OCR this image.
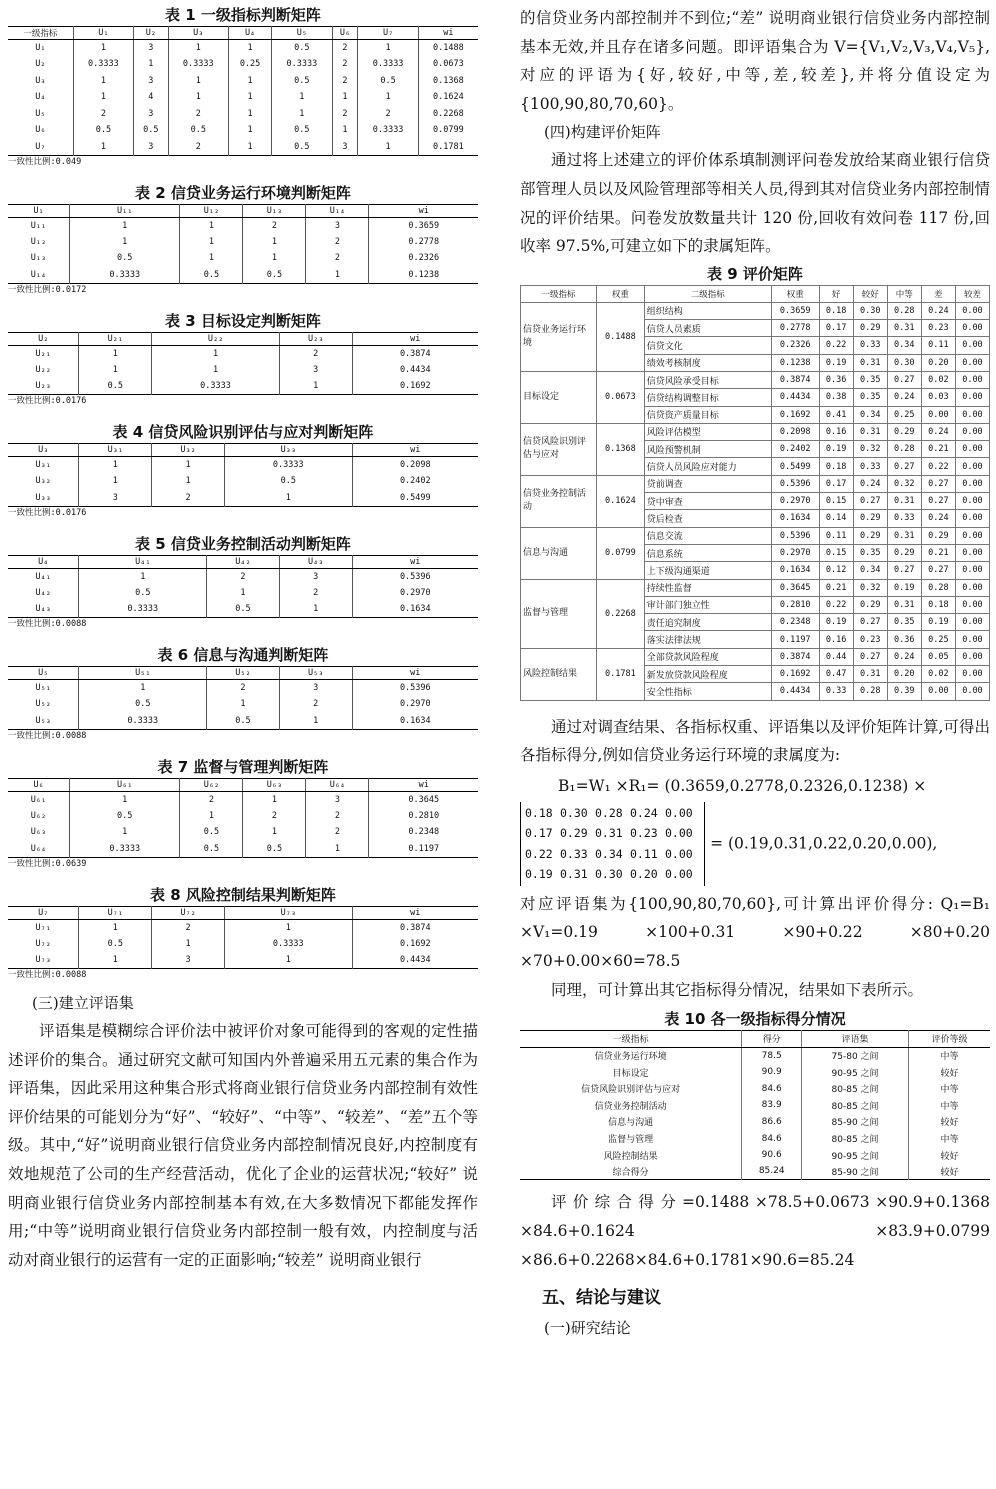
表 1 一级指标判断矩阵
一级指标	U₁	U₂	U₃	U₄	U₅	U₆	U₇	wi
U₁	1	3	1	1	0.5	2	1	0.1488
U₂	0.3333	1	0.3333	0.25	0.3333	2	0.3333	0.0673
U₃	1	3	1	1	0.5	2	0.5	0.1368
U₄	1	4	1	1	1	1	1	0.1624
U₅	2	3	2	1	1	2	2	0.2268
U₆	0.5	0.5	0.5	1	0.5	1	0.3333	0.0799
U₇	1	3	2	1	0.5	3	1	0.1781
一致性比例:0.049
表 2 信贷业务运行环境判断矩阵
U₁	U₁₁	U₁₂	U₁₃	U₁₄	wi
U₁₁	1	1	2	3	0.3659
U₁₂	1	1	1	2	0.2778
U₁₃	0.5	1	1	2	0.2326
U₁₄	0.3333	0.5	0.5	1	0.1238
一致性比例:0.0172
表 3 目标设定判断矩阵
U₂	U₂₁	U₂₂	U₂₃	wi
U₂₁	1	1	2	0.3874
U₂₂	1	1	3	0.4434
U₂₃	0.5	0.3333	1	0.1692
一致性比例:0.0176
表 4 信贷风险识别评估与应对判断矩阵
U₃	U₃₁	U₃₂	U₃₃	wi
U₃₁	1	1	0.3333	0.2098
U₃₂	1	1	0.5	0.2402
U₃₃	3	2	1	0.5499
一致性比例:0.0176
表 5 信贷业务控制活动判断矩阵
U₄	U₄₁	U₄₂	U₄₃	wi
U₄₁	1	2	3	0.5396
U₄₂	0.5	1	2	0.2970
U₄₃	0.3333	0.5	1	0.1634
一致性比例:0.0088
表 6 信息与沟通判断矩阵
U₅	U₅₁	U₅₂	U₅₃	wi
U₅₁	1	2	3	0.5396
U₅₂	0.5	1	2	0.2970
U₅₃	0.3333	0.5	1	0.1634
一致性比例:0.0088
表 7 监督与管理判断矩阵
U₆	U₆₁	U₆₂	U₆₃	U₆₄	wi
U₆₁	1	2	1	3	0.3645
U₆₂	0.5	1	2	2	0.2810
U₆₃	1	0.5	1	2	0.2348
U₆₄	0.3333	0.5	0.5	1	0.1197
一致性比例:0.0639
表 8 风险控制结果判断矩阵
U₇	U₇₁	U₇₂	U₇₃	wi
U₇₁	1	2	1	0.3874
U₇₂	0.5	1	0.3333	0.1692
U₇₃	1	3	1	0.4434
一致性比例:0.0088
(三)建立评语集

评语集是模糊综合评价法中被评价对象可能得到的客观的定性描述评价的集合。通过研究文献可知国内外普遍采用五元素的集合作为评语集，因此采用这种集合形式将商业银行信贷业务内部控制有效性评价结果的可能划分为“好”、“较好”、“中等”、“较差”、“差”五个等级。其中,“好”说明商业银行信贷业务内部控制情况良好,内控制度有效地规范了公司的生产经营活动，优化了企业的运营状况;“较好” 说明商业银行信贷业务内部控制基本有效,在大多数情况下都能发挥作用;“中等”说明商业银行信贷业务内部控制一般有效，内控制度与活动对商业银行的运营有一定的正面影响;“较差” 说明商业银行

的信贷业务内部控制并不到位;“差” 说明商业银行信贷业务内部控制基本无效,并且存在诸多问题。即评语集合为 V={V₁,V₂,V₃,V₄,V₅},对应的评语为{好,较好,中等,差,较差},并将分值设定为{100,90,80,70,60}。

(四)构建评价矩阵

通过将上述建立的评价体系填制测评问卷发放给某商业银行信贷部管理人员以及风险管理部等相关人员,得到其对信贷业务内部控制情况的评价结果。问卷发放数量共计 120 份,回收有效问卷 117 份,回收率 97.5%,可建立如下的隶属矩阵。

表 9 评价矩阵
一级指标	权重	二级指标	权重	好	较好	中等	差	较差
信贷业务运行环境	0.1488	组织结构	0.3659	0.18	0.30	0.28	0.24	0.00
		信贷人员素质	0.2778	0.17	0.29	0.31	0.23	0.00
		信贷文化	0.2326	0.22	0.33	0.34	0.11	0.00
		绩效考核制度	0.1238	0.19	0.31	0.30	0.20	0.00
目标设定	0.0673	信贷风险承受目标	0.3874	0.36	0.35	0.27	0.02	0.00
		信贷结构调整目标	0.4434	0.38	0.35	0.24	0.03	0.00
		信贷资产质量目标	0.1692	0.41	0.34	0.25	0.00	0.00
信贷风险识别评估与应对	0.1368	风险评估模型	0.2098	0.16	0.31	0.29	0.24	0.00
		风险预警机制	0.2402	0.19	0.32	0.28	0.21	0.00
		信贷人员风险应对能力	0.5499	0.18	0.33	0.27	0.22	0.00
信贷业务控制活动	0.1624	贷前调查	0.5396	0.17	0.24	0.32	0.27	0.00
		贷中审查	0.2970	0.15	0.27	0.31	0.27	0.00
		贷后检查	0.1634	0.14	0.29	0.33	0.24	0.00
信息与沟通	0.0799	信息交流	0.5396	0.11	0.29	0.31	0.29	0.00
		信息系统	0.2970	0.15	0.35	0.29	0.21	0.00
		上下级沟通渠道	0.1634	0.12	0.34	0.27	0.27	0.00
监督与管理	0.2268	持续性监督	0.3645	0.21	0.32	0.19	0.28	0.00
		审计部门独立性	0.2810	0.22	0.29	0.31	0.18	0.00
		责任追究制度	0.2348	0.19	0.27	0.35	0.19	0.00
		落实法律法规	0.1197	0.16	0.23	0.36	0.25	0.00
风险控制结果	0.1781	全部贷款风险程度	0.3874	0.44	0.27	0.24	0.05	0.00
		新发放贷款风险程度	0.1692	0.47	0.31	0.20	0.02	0.00
		安全性指标	0.4434	0.33	0.28	0.39	0.00	0.00

通过对调查结果、各指标权重、评语集以及评价矩阵计算,可得出各指标得分,例如信贷业务运行环境的隶属度为:

B₁=W₁ ×R₁= (0.3659,0.2778,0.2326,0.1238) ×
0.18 0.30 0.28 0.24 0.00
0.17 0.29 0.31 0.23 0.00
0.22 0.33 0.34 0.11 0.00
0.19 0.31 0.30 0.20 0.00
= (0.19,0.31,0.22,0.20,0.00),

对应评语集为{100,90,80,70,60},可计算出评价得分: Q₁=B₁ ×V₁=0.19 ×100+0.31 ×90+0.22 ×80+0.20 ×70+0.00×60=78.5

同理，可计算出其它指标得分情况，结果如下表所示。

表 10 各一级指标得分情况
一级指标	得分	评语集	评价等级
信贷业务运行环境	78.5	75-80 之间	中等
目标设定	90.9	90-95 之间	较好
信贷风险识别评估与应对	84.6	80-85 之间	中等
信贷业务控制活动	83.9	80-85 之间	中等
信息与沟通	86.6	85-90 之间	较好
监督与管理	84.6	80-85 之间	中等
风险控制结果	90.6	90-95 之间	较好
综合得分	85.24	85-90 之间	较好

评 价 综 合 得 分 =0.1488 ×78.5+0.0673 ×90.9+0.1368 ×84.6+0.1624 ×83.9+0.0799 ×86.6+0.2268×84.6+0.1781×90.6=85.24

五、结论与建议
(一)研究结论
